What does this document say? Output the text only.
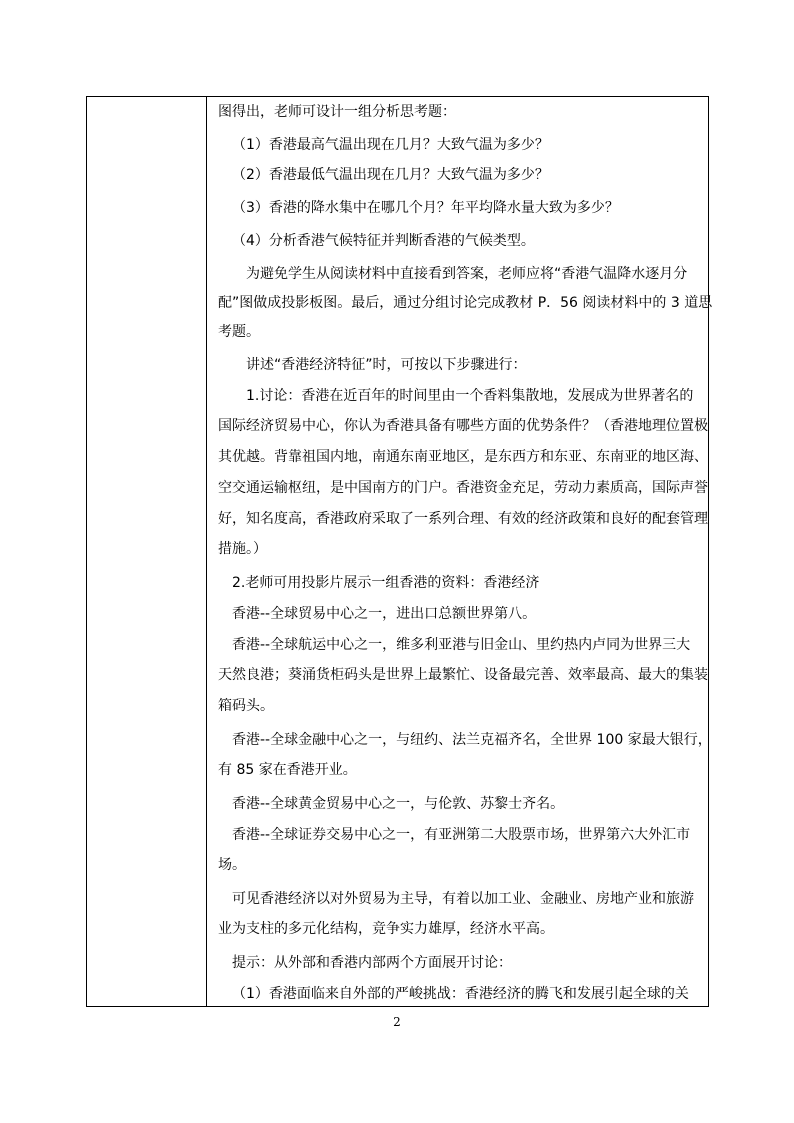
图得出，老师可设计一组分析思考题：
（1）香港最高气温出现在几月？大致气温为多少？
（2）香港最低气温出现在几月？大致气温为多少？
（3）香港的降水集中在哪几个月？年平均降水量大致为多少？
（4）分析香港气候特征并判断香港的气候类型。
为避免学生从阅读材料中直接看到答案，老师应将“香港气温降水逐月分
配”图做成投影板图。最后，通过分组讨论完成教材 P．56 阅读材料中的 3 道思
考题。
讲述“香港经济特征”时，可按以下步骤进行：
1.讨论：香港在近百年的时间里由一个香料集散地，发展成为世界著名的
国际经济贸易中心，你认为香港具备有哪些方面的优势条件？（香港地理位置极
其优越。背靠祖国内地，南通东南亚地区，是东西方和东亚、东南亚的地区海、
空交通运输枢纽，是中国南方的门户。香港资金充足，劳动力素质高，国际声誉
好，知名度高，香港政府采取了一系列合理、有效的经济政策和良好的配套管理
措施。）
2.老师可用投影片展示一组香港的资料：香港经济
香港--全球贸易中心之一，进出口总额世界第八。
香港--全球航运中心之一，维多利亚港与旧金山、里约热内卢同为世界三大
天然良港；葵涌货柜码头是世界上最繁忙、设备最完善、效率最高、最大的集装
箱码头。
香港--全球金融中心之一，与纽约、法兰克福齐名，全世界 100 家最大银行，
有 85 家在香港开业。
香港--全球黄金贸易中心之一，与伦敦、苏黎士齐名。
香港--全球证券交易中心之一，有亚洲第二大股票市场，世界第六大外汇市
场。
可见香港经济以对外贸易为主导，有着以加工业、金融业、房地产业和旅游
业为支柱的多元化结构，竞争实力雄厚，经济水平高。
提示：从外部和香港内部两个方面展开讨论：
（1）香港面临来自外部的严峻挑战：香港经济的腾飞和发展引起全球的关
2
